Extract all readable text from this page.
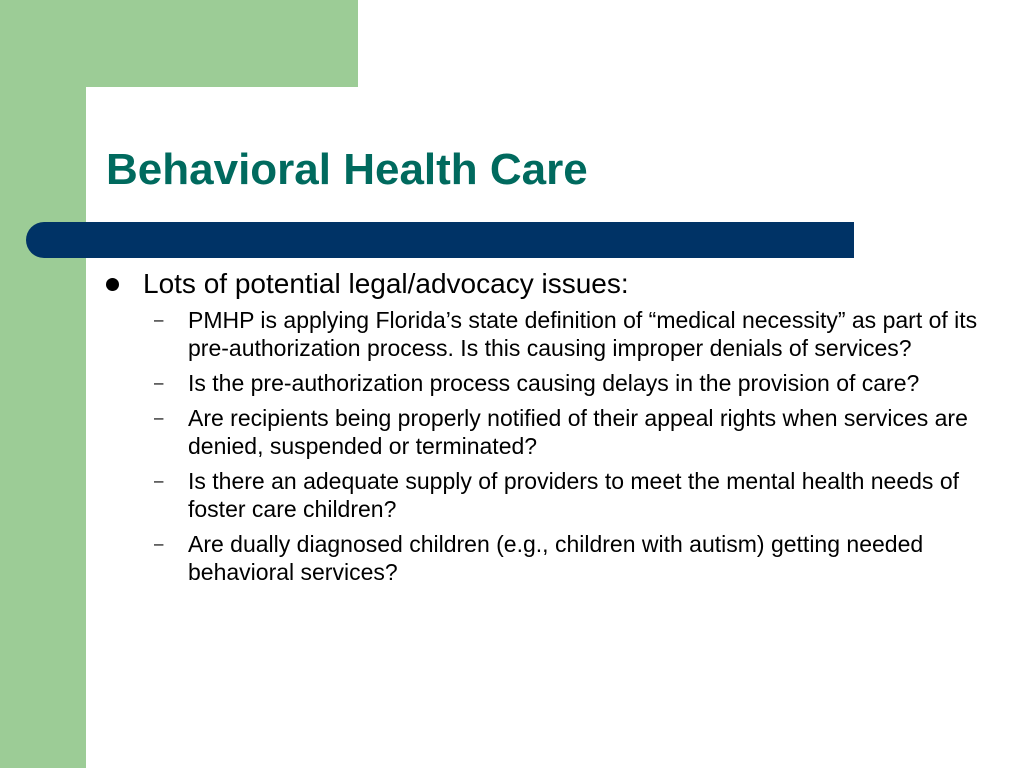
Behavioral Health Care
Lots of potential legal/advocacy issues:
– PMHP is applying Florida’s state definition of “medical necessity” as part of its pre-authorization process. Is this causing improper denials of services?
– Is the pre-authorization process causing delays in the provision of care?
– Are recipients being properly notified of their appeal rights when services are denied, suspended or terminated?
– Is there an adequate supply of providers to meet the mental health needs of foster care children?
– Are dually diagnosed children (e.g., children with autism) getting needed behavioral services?
